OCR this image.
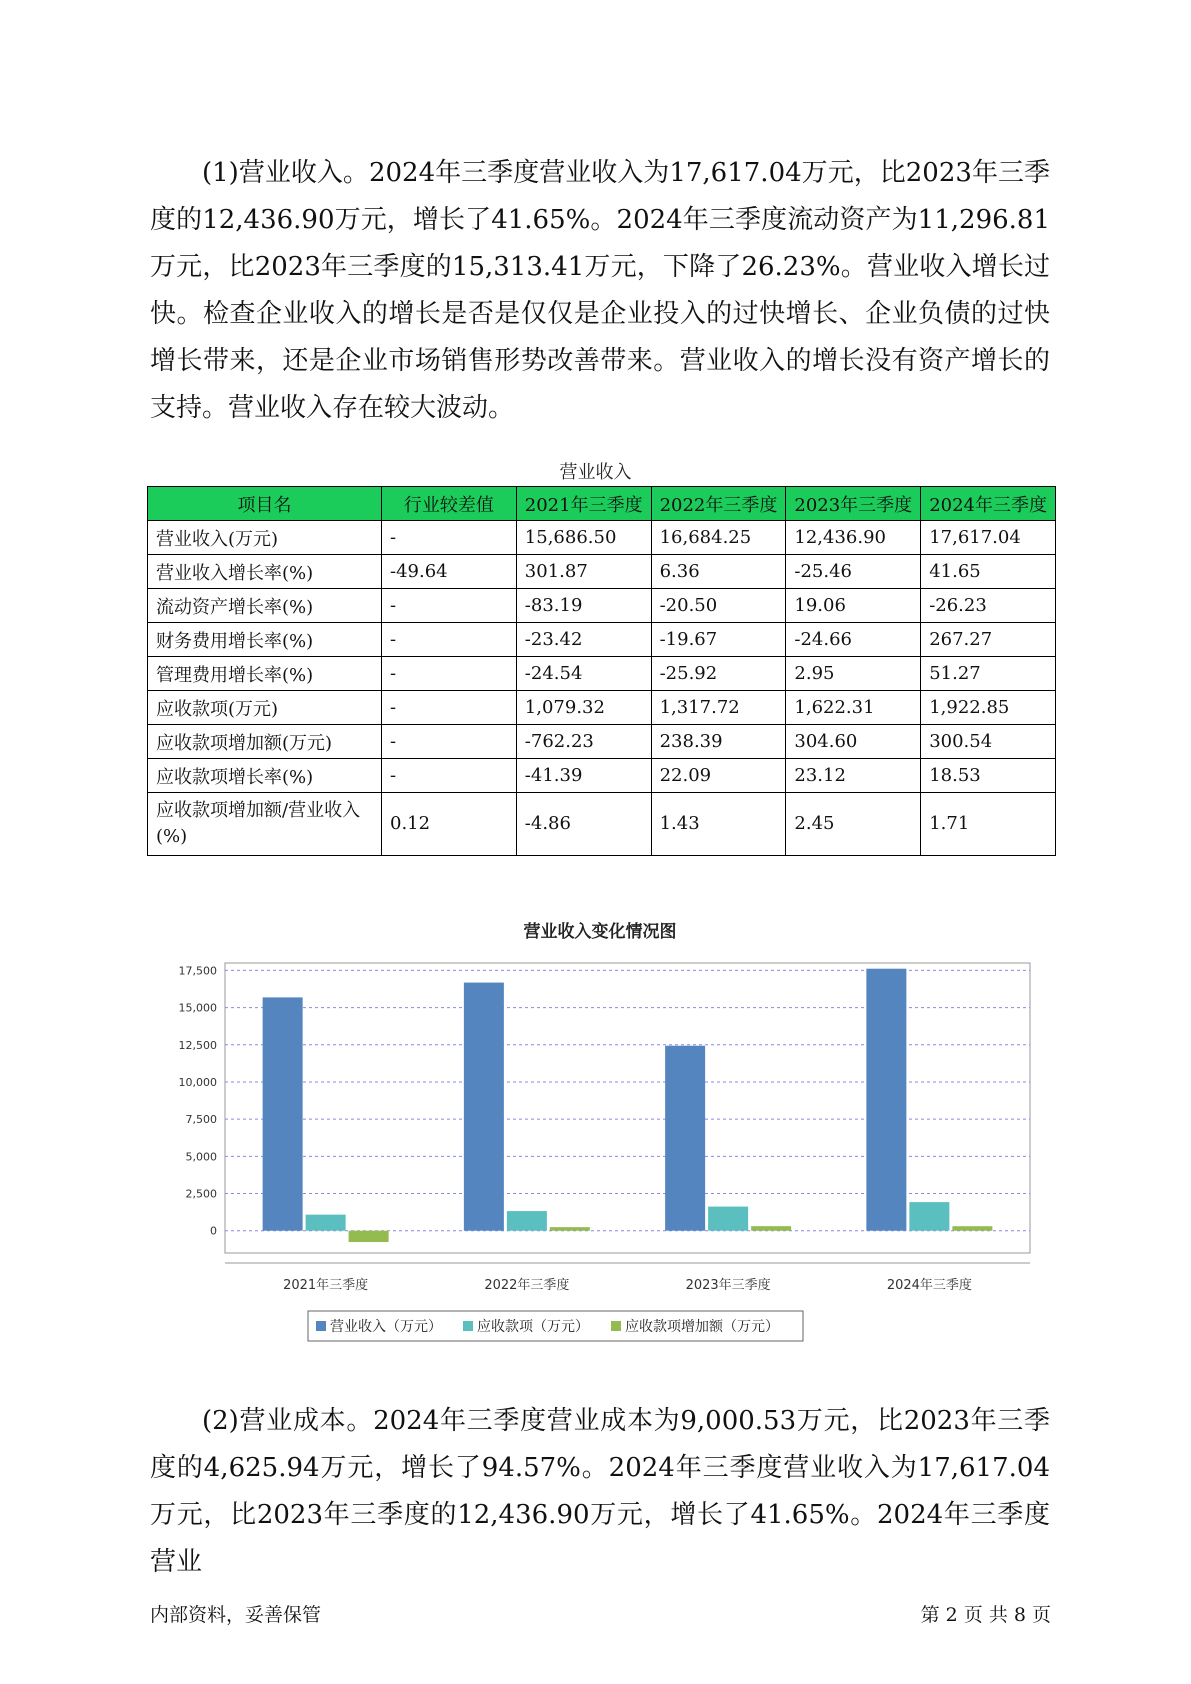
(1)营业收入。2024年三季度营业收入为17,617.04万元，比2023年三季度的12,436.90万元，增长了41.65%。2024年三季度流动资产为11,296.81万元，比2023年三季度的15,313.41万元，下降了26.23%。营业收入增长过快。检查企业收入的增长是否是仅仅是企业投入的过快增长、企业负债的过快增长带来，还是企业市场销售形势改善带来。营业收入的增长没有资产增长的支持。营业收入存在较大波动。

营业收入
项目名	行业较差值	2021年三季度	2022年三季度	2023年三季度	2024年三季度
营业收入(万元)	-	15,686.50	16,684.25	12,436.90	17,617.04
营业收入增长率(%)	-49.64	301.87	6.36	-25.46	41.65
流动资产增长率(%)	-	-83.19	-20.50	19.06	-26.23
财务费用增长率(%)	-	-23.42	-19.67	-24.66	267.27
管理费用增长率(%)	-	-24.54	-25.92	2.95	51.27
应收款项(万元)	-	1,079.32	1,317.72	1,622.31	1,922.85
应收款项增加额(万元)	-	-762.23	238.39	304.60	300.54
应收款项增长率(%)	-	-41.39	22.09	23.12	18.53
应收款项增加额/营业收入(%)	0.12	-4.86	1.43	2.45	1.71
营业收入变化情况图
0
2,500
5,000
7,500
10,000
12,500
15,000
17,500
2021年三季度	2022年三季度	2023年三季度	2024年三季度
营业收入（万元）	应收款项（万元）	应收款项增加额（万元）

(2)营业成本。2024年三季度营业成本为9,000.53万元，比2023年三季度的4,625.94万元，增长了94.57%。2024年三季度营业收入为17,617.04万元，比2023年三季度的12,436.90万元，增长了41.65%。2024年三季度营业

内部资料，妥善保管	第 2 页 共 8 页
